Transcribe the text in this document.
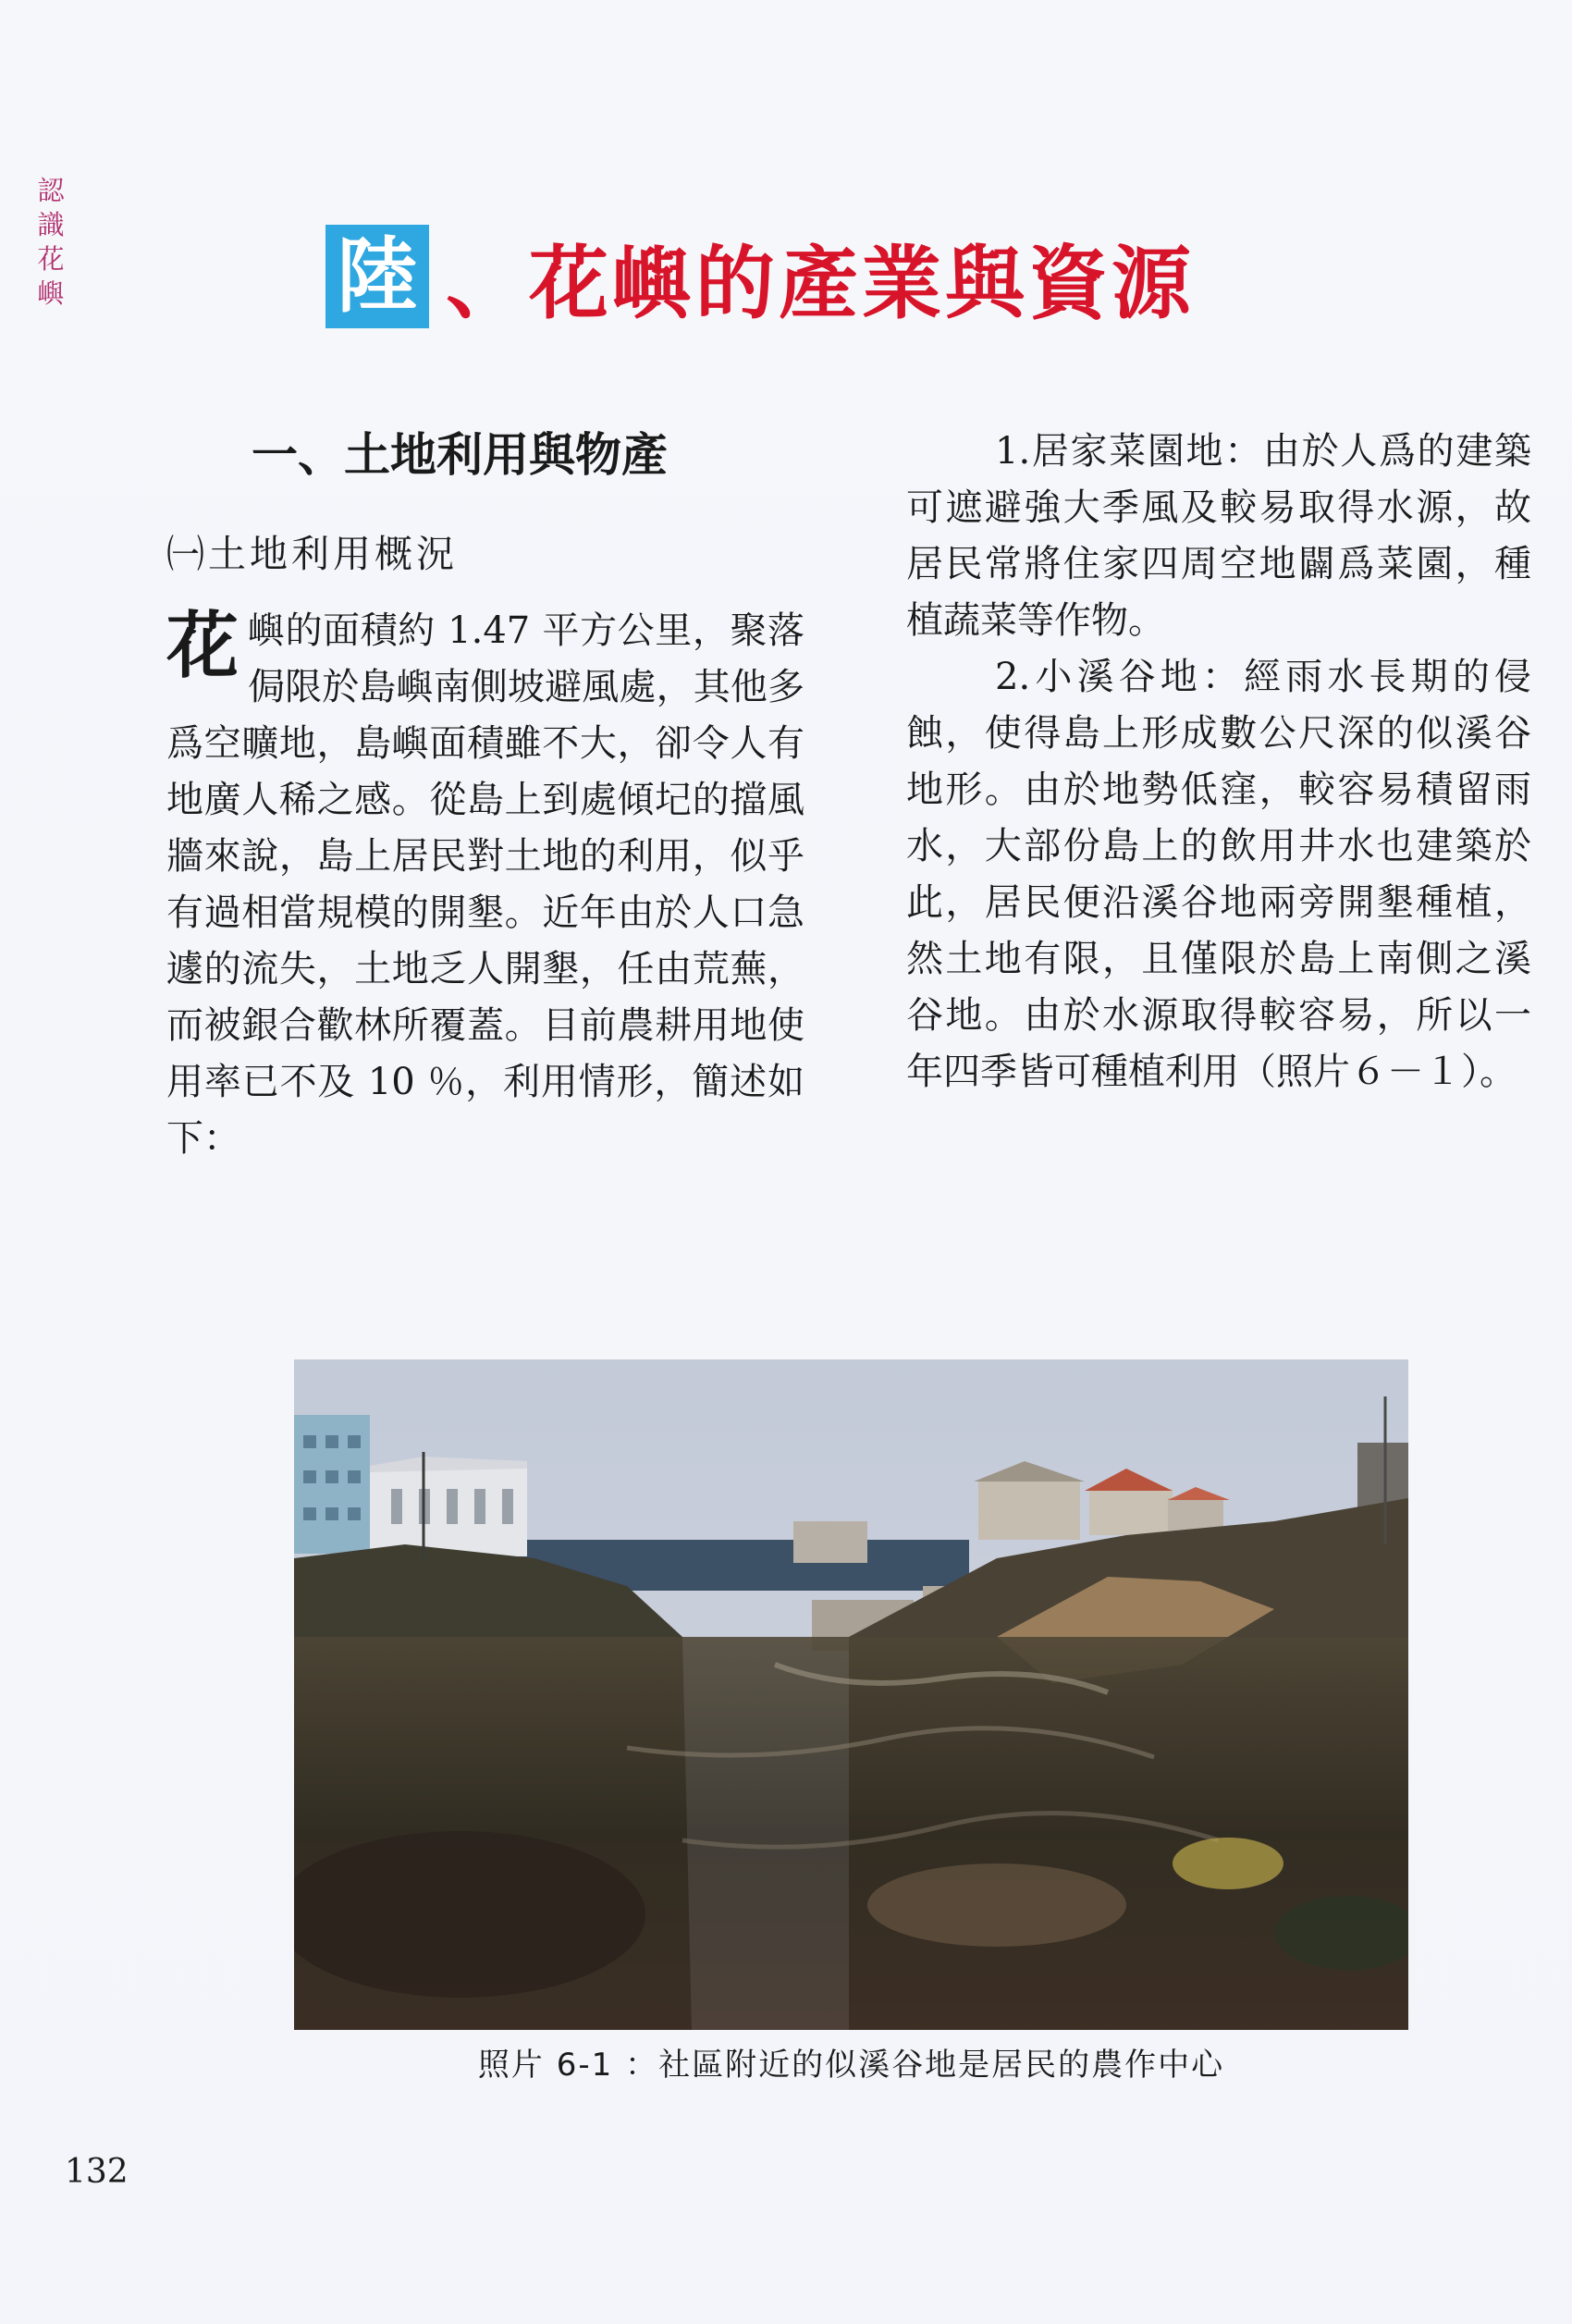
認
識
花
嶼	陸 、花嶼的產業與資源
一、土地利用與物產
㈠土地利用概況
花 嶼的面積約 1.47 平方公里，聚落侷限於島嶼南側坡避風處，其他多爲空曠地，島嶼面積雖不大，卻令人有地廣人稀之感。從島上到處傾圮的擋風牆來說，島上居民對土地的利用，似乎有過相當規模的開墾。近年由於人口急遽的流失，土地乏人開墾，任由荒蕪，而被銀合歡林所覆蓋。目前農耕用地使用率已不及 10 ％，利用情形，簡述如下：

1.居家菜園地：由於人爲的建築可遮避強大季風及較易取得水源，故居民常將住家四周空地闢爲菜園，種植蔬菜等作物。

2.小溪谷地：經雨水長期的侵蝕，使得島上形成數公尺深的似溪谷地形。由於地勢低窪，較容易積留雨水，大部份島上的飲用井水也建築於此，居民便沿溪谷地兩旁開墾種植，然土地有限，且僅限於島上南側之溪谷地。由於水源取得較容易，所以一年四季皆可種植利用（照片６－１）。

照片 6-1 ：社區附近的似溪谷地是居民的農作中心
132
